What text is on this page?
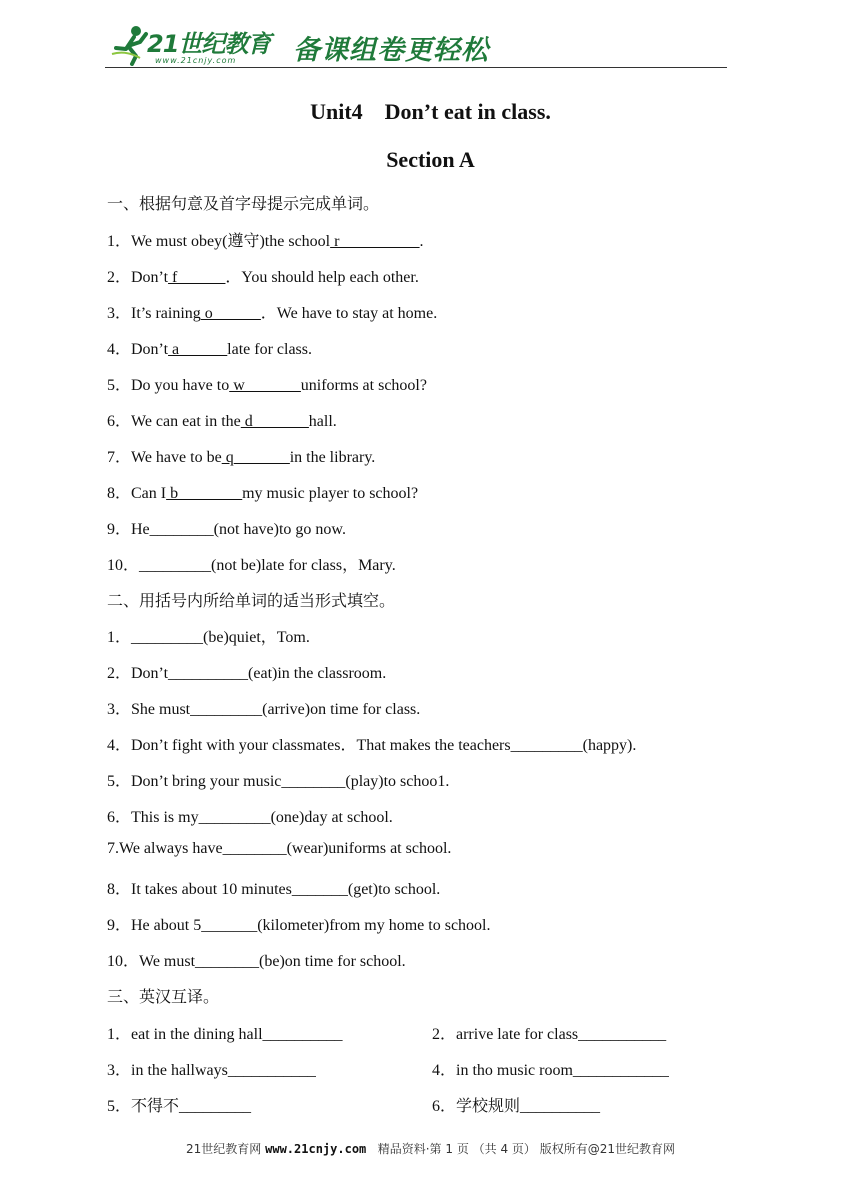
21世纪教育
www.21cnjy.com 备课组卷更轻松
Unit4 Don’t eat in class.
Section A
一、根据句意及首字母提示完成单词。
1．We must obey(遵守)the school r__________.
2．Don’t f______．You should help each other.
3．It’s raining o______．We have to stay at home.
4．Don’t a______late for class.
5．Do you have to w_______uniforms at school?
6．We can eat in the d_______hall.
7．We have to be q_______in the library.
8．Can I b________my music player to school?
9．He________(not have)to go now.
10．_________(not be)late for class，Mary.
二、用括号内所给单词的适当形式填空。
1．_________(be)quiet，Tom.
2．Don’t__________(eat)in the classroom.
3．She must_________(arrive)on time for class.
4．Don’t fight with your classmates．That makes the teachers_________(happy).
5．Don’t bring your music________(play)to schoo1.
6．This is my_________(one)day at school.
7.We always have________(wear)uniforms at school.
8．It takes about 10 minutes_______(get)to school.
9．He about 5_______(kilometer)from my home to school.
10．We must________(be)on time for school.
三、英汉互译。
1．eat in the dining hall__________	2．arrive late for class___________
3．in the hallways___________	4．in tho music room____________
5．不得不_________	6．学校规则__________
21世纪教育网 www.21cnjy.com 精品资料·第 1 页 （共 4 页） 版权所有@21世纪教育网
